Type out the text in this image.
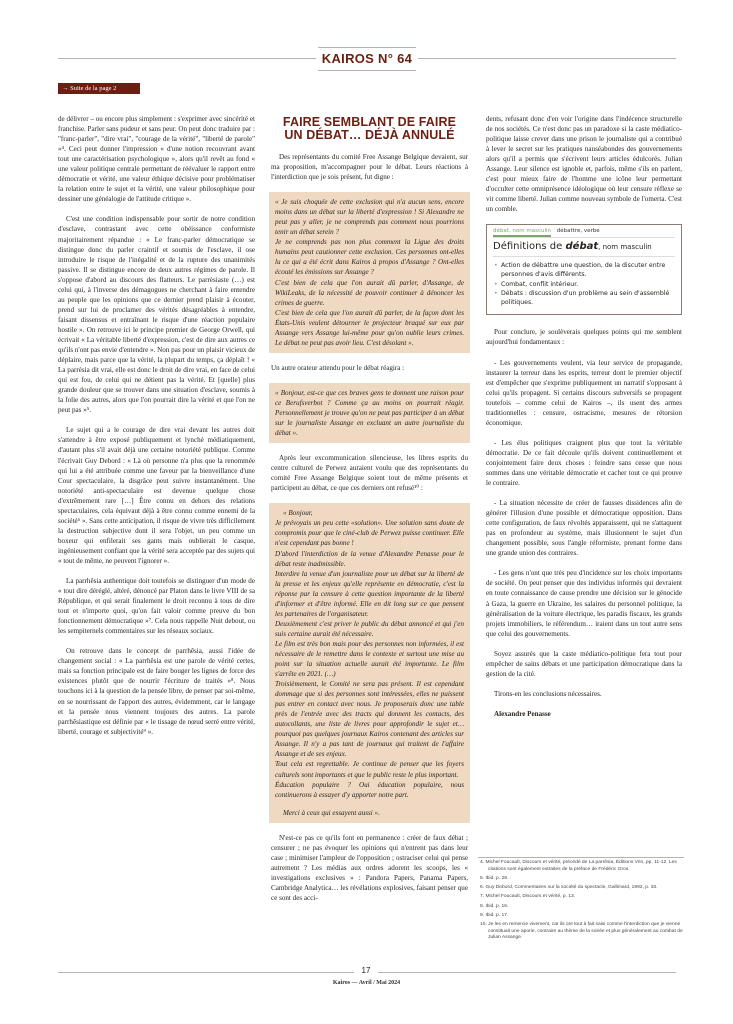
KAIROS N° 64
→ Suite de la page 2

de délivrer – ou encore plus simplement : s'exprimer avec sincérité et franchise. Parler sans pudeur et sans peur. On peut donc traduire par : "franc-parler", "dire vrai", "courage de la vérité", "liberté de parole" »⁴. Ceci peut donner l'impression « d'une notion recouvrant avant tout une caractérisation psychologique », alors qu'il revêt au fond « une valeur politique centrale permettant de réévaluer le rapport entre démocratie et vérité, une valeur éthique décisive pour problématiser la relation entre le sujet et la vérité, une valeur philosophique pour dessiner une généalogie de l'attitude critique ».

C'est une condition indispensable pour sortir de notre condition d'esclave, contrastant avec cette obéissance conformiste majoritairement répandue : « Le franc-parler démocratique se distingue donc du parler craintif et soumis de l'esclave, il ose introduire le risque de l'inégalité et de la rupture des unanimités passive. Il se distingue encore de deux autres régimes de parole. Il s'oppose d'abord au discours des flatteurs. Le parrèsiaste (…) est celui qui, à l'inverse des démagogues ne cherchant à faire entendre au peuple que les opinions que ce dernier prend plaisir à écouter, prend sur lui de proclamer des vérités désagréables à entendre, faisant dissensus et entraînant le risque d'une réaction populaire hostile ». On retrouve ici le principe premier de George Orwell, qui écrivait « La véritable liberté d'expression, c'est de dire aux autres ce qu'ils n'ont pas envie d'entendre ». Non pas pour un plaisir vicieux de déplaire, mais parce que la vérité, la plupart du temps, ça déplaît ! « La parrèsia dit vrai, elle est donc le droit de dire vrai, en face de celui qui est fou, de celui qui ne détient pas la vérité. Et [quelle] plus grande douleur que se trouver dans une situation d'esclave, soumis à la folie des autres, alors que l'on pourrait dire la vérité et que l'on ne peut pas »⁵.

Le sujet qui a le courage de dire vrai devant les autres doit s'attendre à être exposé publiquement et lynché médiatiquement, d'autant plus s'il avait déjà une certaine notoriété publique. Comme l'écrivait Guy Debord : « Là où personne n'a plus que la renommée qui lui a été attribuée comme une faveur par la bienveillance d'une Cour spectaculaire, la disgrâce peut suivre instantanément. Une notoriété anti-spectaculaire est devenue quelque chose d'extrêmement rare […] Être connu en dehors des relations spectaculaires, cela équivaut déjà à être connu comme ennemi de la société⁶ ». Sans cette anticipation, il risque de vivre très difficilement la destruction subjective dont il sera l'objet, un peu comme un boxeur qui enfilerait ses gants mais oublierait le casque, ingénieusement confiant que la vérité sera acceptée par des sujets qui « tout de même, ne peuvent l'ignorer ».

La parrhêsia authentique doit toutefois se distinguer d'un mode de « tout dire déréglé, altéré, dénoncé par Platon dans le livre VIII de sa République, et qui serait finalement le droit reconnu à tous de dire tout et n'importe quoi, qu'on fait valoir comme preuve du bon fonctionnement démocratique »⁷. Cela nous rappelle Nuit debout, ou les sempiternels commentaires sur les réseaux sociaux.

On retrouve dans le concept de parrhêsia, aussi l'idée de changement social : « La parrhêsia est une parole de vérité certes, mais sa fonction principale est de faire bouger les lignes de force des existences plutôt que de nourrir l'écriture de traités »⁸. Nous touchons ici à la question de la pensée libre, de penser par soi-même, en se nourrissant de l'apport des autres, évidemment, car le langage et la pensée nous viennent toujours des autres. La parole parrhêsiastique est définie par « le tissage de nœud serré entre vérité, liberté, courage et subjectivité⁹ ».

FAIRE SEMBLANT DE FAIRE
UN DÉBAT… DÉJÀ ANNULÉ

Des représentants du comité Free Assange Belgique devaient, sur ma proposition, m'accompagner pour le débat. Leurs réactions à l'interdiction que je sois présent, fut digne :

« Je suis choquée de cette exclusion qui n'a aucun sens, encore moins dans un débat sur la liberté d'expression ! Si Alexandre ne peut pas y aller, je ne comprends pas comment nous pourrions tenir un débat serein ?

Je ne comprends pas non plus comment la Ligue des droits humains peut cautionner cette exclusion. Ces personnes ont-elles lu ce qui a été écrit dans Kairos à propos d'Assange ? Ont-elles écouté les émissions sur Assange ?

C'est bien de cela que l'on aurait dû parler, d'Assange, de WikiLeaks, de la nécessité de pouvoir continuer à dénoncer les crimes de guerre.

C'est bien de cela que l'on aurait dû parler, de la façon dont les États-Unis veulent détourner le projecteur braqué sur eux par Assange vers Assange lui-même pour qu'on oublie leurs crimes. Le débat ne peut pas avoir lieu. C'est désolant ».

Un autre orateur attendu pour le débat réagira :

« Bonjour, est-ce que ces braves gens te donnent une raison pour ce Berufsverbot ? Comme ça au moins on pourrait réagir. Personnellement je trouve qu'on ne peut pas participer à un débat sur le journaliste Assange en excluant un autre journaliste du débat ».

Après leur excommunication silencieuse, les libres esprits du centre culturel de Perwez auraient voulu que des représentants du comité Free Assange Belgique soient tout de même présents et participent au débat, ce que ces derniers ont refusé¹⁰ :

« Bonjour,

Je prévoyais un peu cette «solution». Une solution sans doute de compromis pour que le ciné-club de Perwez puisse continuer. Elle n'est cependant pas bonne !

D'abord l'interdiction de la venue d'Alexandre Penasse pour le débat reste inadmissible.

Interdire la venue d'un journaliste pour un débat sur la liberté de la presse et les enjeux qu'elle représente en démocratie, c'est la réponse par la censure à cette question importante de la liberté d'informer et d'être informé. Elle en dit long sur ce que pensent les partenaires de l'organisateur.

Deuxièmement c'est priver le public du débat annoncé et qui j'en suis certaine aurait été nécessaire.

Le film est très bon mais pour des personnes non informées, il est nécessaire de le remettre dans le contexte et surtout une mise au point sur la situation actuelle aurait été importante. Le film s'arrête en 2021. (…)

Troisièmement, le Comité ne sera pas présent. Il est cependant dommage que si des personnes sont intéressées, elles ne puissent pas entrer en contact avec nous. Je proposerais donc une table près de l'entrée avec des tracts qui donnent les contacts, des autocollants, une liste de livres pour approfondir le sujet et… pourquoi pas quelques journaux Kairos contenant des articles sur Assange. Il n'y a pas tant de journaux qui traitent de l'affaire Assange et de ses enjeux.

Tout cela est regrettable. Je continue de penser que les foyers culturels sont importants et que le public reste le plus important.

Éducation populaire ? Oui éducation populaire, nous continuerons à essayer d'y apporter notre part.

Merci à ceux qui essayent aussi ».

N'est-ce pas ce qu'ils font en permanence : créer de faux débat ; censurer ; ne pas évoquer les opinions qui n'entrent pas dans leur case ; minimiser l'ampleur de l'opposition ; ostraciser celui qui pense autrement ? Les médias aux ordres adorent les scoops, les « investigations exclusives » : Pandora Papers, Panama Papers, Cambridge Analytica… les révélations explosives, faisant penser que ce sont des acci-

dents, refusant donc d'en voir l'origine dans l'indécence structurelle de nos sociétés. Ce n'est donc pas un paradoxe si la caste médiatico-politique laisse crever dans une prison le journaliste qui a contribué à lever le secret sur les pratiques nauséabondes des gouvernements alors qu'il a permis que s'écrivent leurs articles édulcorés. Julian Assange. Leur silence est ignoble et, parfois, même s'ils en parlent, c'est pour mieux faire de l'homme une icône leur permettant d'occulter cette omniprésence idéologique où leur censure réflexe se vit comme liberté. Julian comme nouveau symbole de l'omerta. C'est un comble.

débat, nom masculin débattre, verbe
Définitions de débat, nom masculin
• Action de débattre une question, de la discuter entre personnes d'avis différents.
• Combat, conflit intérieur.
• Débats : discussion d'un problème au sein d'assemblé politiques.

Pour conclure, je soulèverais quelques points qui me semblent aujourd'hui fondamentaux :

- Les gouvernements veulent, via leur service de propagande, instaurer la terreur dans les esprits, terreur dont le premier objectif est d'empêcher que s'exprime publiquement un narratif s'opposant à celui qu'ils propagent. Si certains discours subversifs se propagent toutefois – comme celui de Kairos –, ils usent des armes traditionnelles : censure, ostracisme, mesures de rétorsion économique.

- Les élus politiques craignent plus que tout la véritable démocratie. De ce fait découle qu'ils doivent continuellement et conjointement faire deux choses : feindre sans cesse que nous sommes dans une véritable démocratie et cacher tout ce qui prouve le contraire.

- La situation nécessite de créer de fausses dissidences afin de générer l'illusion d'une possible et démocratique opposition. Dans cette configuration, de faux révoltés apparaissent, qui ne s'attaquent pas en profondeur au système, mais illusionnent le sujet d'un changement possible, sous l'angle réformiste, prenant forme dans une grande union des contraires.

- Les gens n'ont que très peu d'incidence sur les choix importants de société. On peut penser que des individus informés qui devraient en toute connaissance de cause prendre une décision sur le génocide à Gaza, la guerre en Ukraine, les salaires du personnel politique, la généralisation de la voiture électrique, les paradis fiscaux, les grands projets immobiliers, le référendum… iraient dans un tout autre sens que celui des gouvernements.

Soyez assurés que la caste médiatico-politique fera tout pour empêcher de sains débats et une participation démocratique dans la gestion de la cité.

Tirons-en les conclusions nécessaires.

Alexandre Penasse

4. Michel Foucault, Discours et vérité, précédé de La parrêsia, Éditions Vrin, pp. 11-12. Les citations sont également extraites de la préface de Frédéric Gros.
5. Ibid. p. 28. .
6. Guy Debord, Commentaires sur la société du spectacle, Gallimard, 1992, p. 33.
7. Michel Foucault, Discours et vérité, p. 13.
8. Ibid. p. 16.
9. Ibid. p. 17.
10. Je les en remercie vivement, car ils ont tout à fait saisi comme l'interdiction que je vienne constituait une aporie, contraire au thème de la soirée et plus généralement au combat de Julian Assange.
17
Kairos — Avril / Mai 2024
